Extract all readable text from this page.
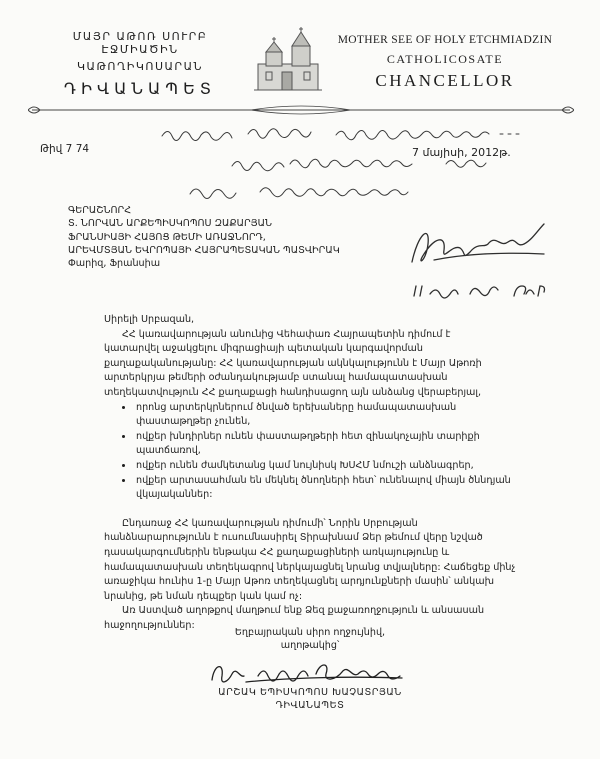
ՄԱՅՐ ԱԹՈՌ ՍՈՒՐԲ ԷՋՄԻԱԾԻՆ
ԿԱԹՈՂԻԿՈՍԱՐԱՆ
ԴԻՎԱՆԱՊԵՏ
MOTHER SEE OF HOLY ETCHMIADZIN
CATHOLICOSATE
CHANCELLOR
Թիվ 7 74	7 մայիսի, 2012թ.
ԳԵՐԱՇՆՈՐՀ
Տ. ՆՈՐՎԱՆ ԱՐՔԵՊԻՍԿՈՊՈՍ ԶԱՔԱՐՅԱՆ
ՖՐԱՆՍԻԱՅԻ ՀԱՅՈՑ ԹԵՄԻ ԱՌԱՋՆՈՐԴ,
ԱՐԵՎՄՏՅԱՆ ԵՎՐՈՊԱՅԻ ՀԱՅՐԱՊԵՏԱԿԱՆ ՊԱՏՎԻՐԱԿ
Փարիզ, Ֆրանսիա

Սիրելի Սրբազան,

ՀՀ կառավարության անունից Վեհափառ Հայրապետին դիմում է

կատարվել աջակցելու միգրացիայի պետական կարգավորման

քաղաքականությանը: ՀՀ կառավարության ակնկալությունն է Մայր Աթոռի

արտերկրյա թեմերի օժանդակությամբ ստանալ համապատասխան

տեղեկատվություն ՀՀ քաղաքացի հանդիսացող այն անձանց վերաբերյալ,

• որոնց արտերկրներում ծնված երեխաները համապատասխան
փաստաթղթեր չունեն,
• ովքեր խնդիրներ ունեն փաստաթղթերի հետ զինակոչային տարիքի
պատճառով,
• ովքեր ունեն ժամկետանց կամ նույնիսկ ԽՍՀՄ նմուշի անձնագրեր,
• ովքեր արտասահման են մեկնել ծնողների հետ՝ ունենալով միայն ծննդյան
վկայականներ:

Ընդառաջ ՀՀ կառավարության դիմումի՝ Նորին Սրբության

հանձնարարությունն է ուսումնասիրել Տիրախնամ Ձեր թեմում վերը նշված

դասակարգումներին ենթակա ՀՀ քաղաքացիների առկայությունը և

համապատասխան տեղեկագրով ներկայացնել նրանց տվյալները: Հաճեցեք մինչ

առաջիկա հունիս 1-ը Մայր Աթոռ տեղեկացնել արդյունքների մասին՝ անկախ

նրանից, թե նման դեպքեր կան կամ ոչ:

Առ Աստված աղոթքով մաղթում ենք Ձեզ քաջառողջություն և անսասան

հաջողություններ:

Եղբայրական սիրո ողջույնիվ,
աղոթակից՝
ԱՐՇԱԿ ԵՊԻՍԿՈՊՈՍ ԽԱՉԱՏՐՅԱՆ
ԴԻՎԱՆԱՊԵՏ
